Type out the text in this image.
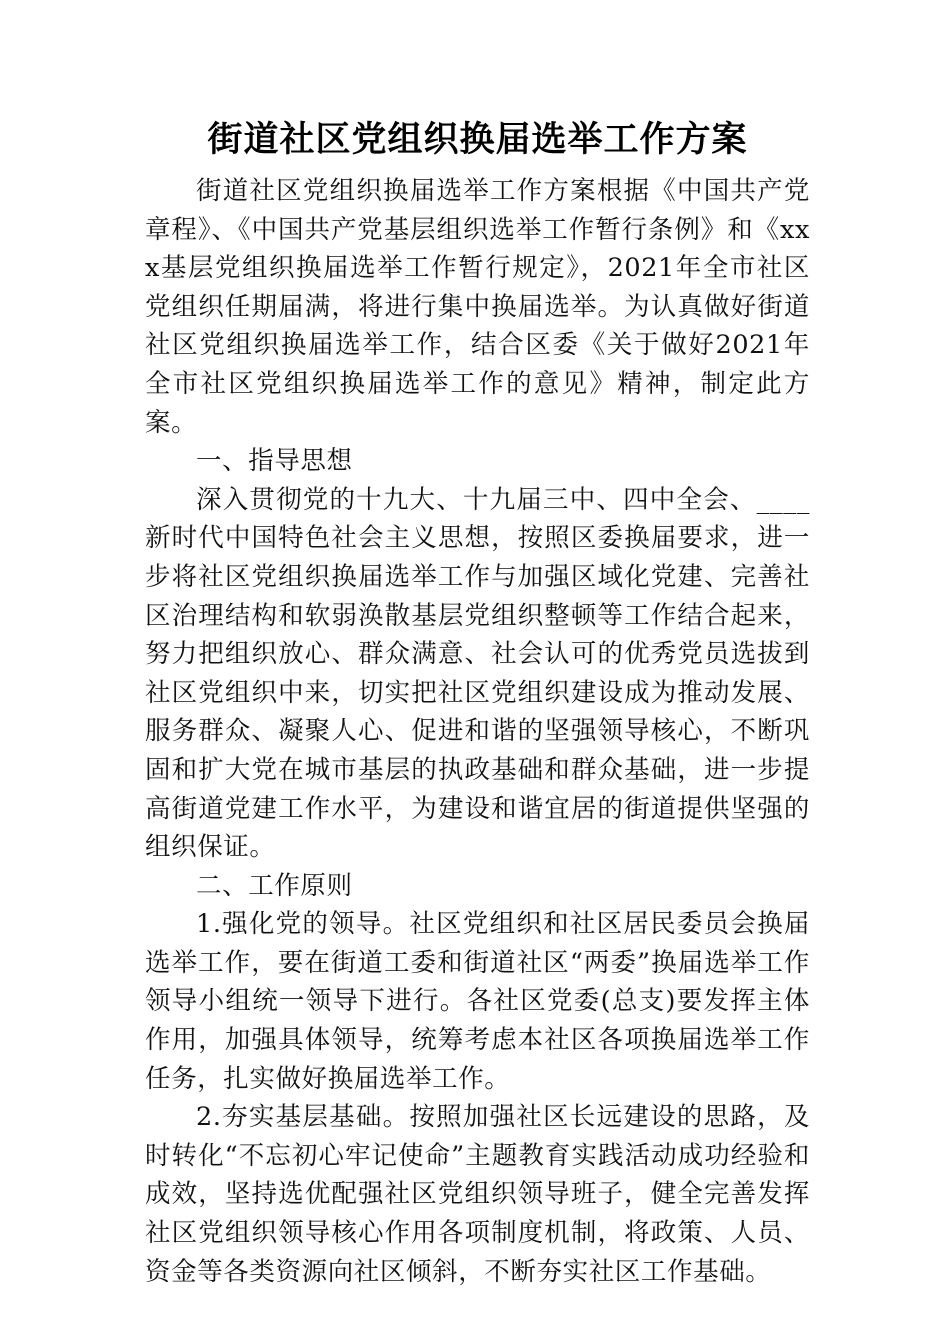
街道社区党组织换届选举工作方案

街道社区党组织换届选举工作方案根据《中国共产党章程》、《中国共产党基层组织选举工作暂行条例》和《xxx基层党组织换届选举工作暂行规定》，2021年全市社区党组织任期届满，将进行集中换届选举。为认真做好街道社区党组织换届选举工作，结合区委《关于做好2021年全市社区党组织换届选举工作的意见》精神，制定此方案。

一、指导思想

深入贯彻党的十九大、十九届三中、四中全会、____新时代中国特色社会主义思想，按照区委换届要求，进一步将社区党组织换届选举工作与加强区域化党建、完善社区治理结构和软弱涣散基层党组织整顿等工作结合起来，努力把组织放心、群众满意、社会认可的优秀党员选拔到社区党组织中来，切实把社区党组织建设成为推动发展、服务群众、凝聚人心、促进和谐的坚强领导核心，不断巩固和扩大党在城市基层的执政基础和群众基础，进一步提高街道党建工作水平，为建设和谐宜居的街道提供坚强的组织保证。

二、工作原则

1.强化党的领导。社区党组织和社区居民委员会换届选举工作，要在街道工委和街道社区“两委”换届选举工作领导小组统一领导下进行。各社区党委(总支)要发挥主体作用，加强具体领导，统筹考虑本社区各项换届选举工作任务，扎实做好换届选举工作。

2.夯实基层基础。按照加强社区长远建设的思路，及时转化“不忘初心牢记使命”主题教育实践活动成功经验和成效，坚持选优配强社区党组织领导班子，健全完善发挥社区党组织领导核心作用各项制度机制，将政策、人员、资金等各类资源向社区倾斜，不断夯实社区工作基础。
